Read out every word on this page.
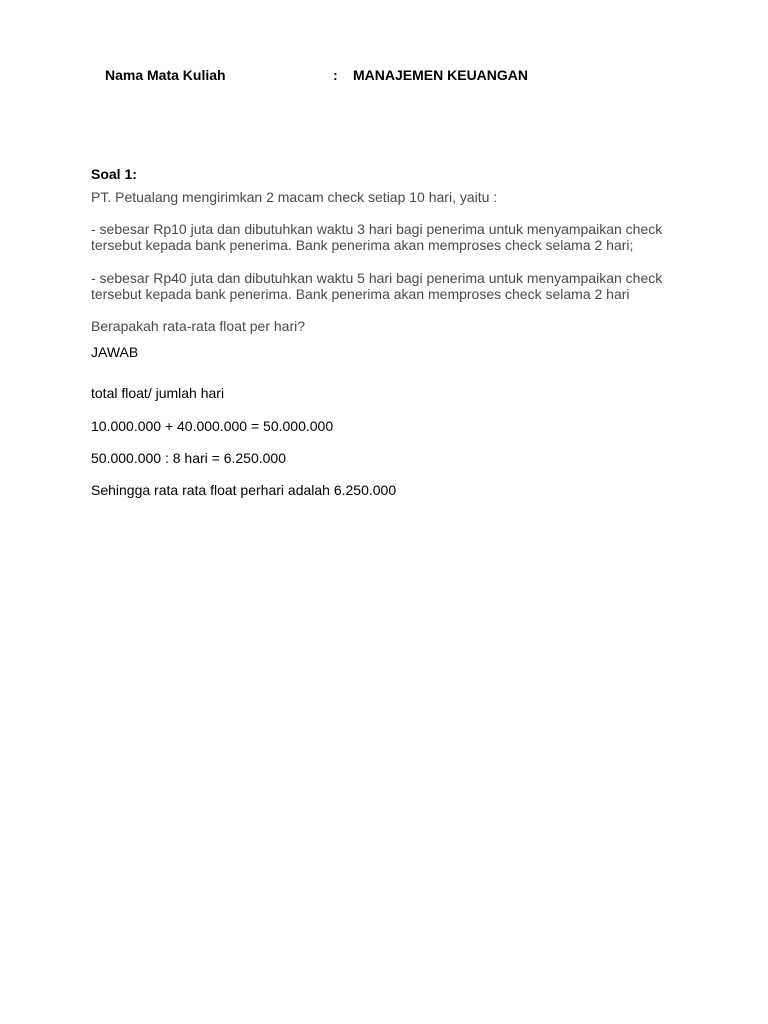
Nama Mata Kuliah	: MANAJEMEN KEUANGAN
Soal 1:
PT. Petualang mengirimkan 2 macam check setiap 10 hari, yaitu :
- sebesar Rp10 juta dan dibutuhkan waktu 3 hari bagi penerima untuk menyampaikan check
tersebut kepada bank penerima. Bank penerima akan memproses check selama 2 hari;
- sebesar Rp40 juta dan dibutuhkan waktu 5 hari bagi penerima untuk menyampaikan check
tersebut kepada bank penerima. Bank penerima akan memproses check selama 2 hari
Berapakah rata-rata float per hari?
JAWAB
total float/ jumlah hari
10.000.000 + 40.000.000 = 50.000.000
50.000.000 : 8 hari = 6.250.000
Sehingga rata rata float perhari adalah 6.250.000
